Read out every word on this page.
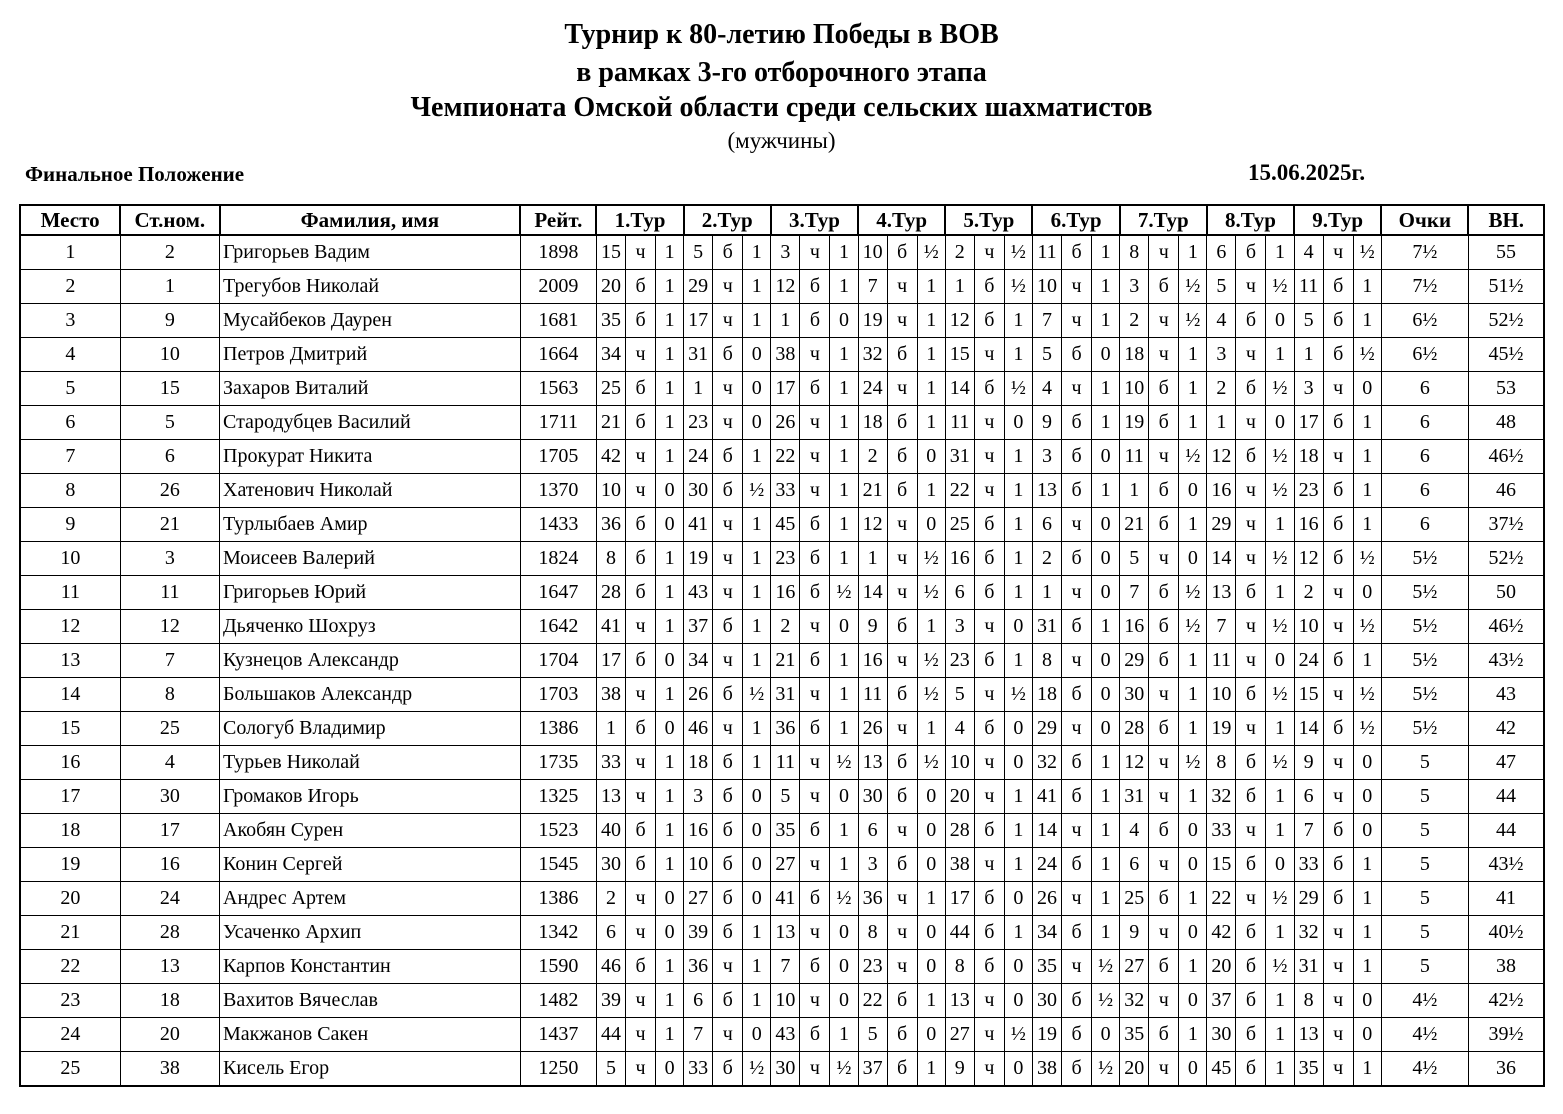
Турнир к 80-летию Победы в ВОВ
в рамках 3-го отборочного этапа
Чемпионата Омской области среди сельских шахматистов
(мужчины)
Финальное Положение	15.06.2025г.
Место	Ст.ном.	Фамилия, имя	Рейт.	1.Тур			2.Тур			3.Тур			4.Тур			5.Тур			6.Тур			7.Тур			8.Тур			9.Тур			Очки	ВН.
1	2	Григорьев Вадим	1898	15	ч	1	5	б	1	3	ч	1	10	б	½	2	ч	½	11	б	1	8	ч	1	6	б	1	4	ч	½	7½	55
2	1	Трегубов Николай	2009	20	б	1	29	ч	1	12	б	1	7	ч	1	1	б	½	10	ч	1	3	б	½	5	ч	½	11	б	1	7½	51½
3	9	Мусайбеков Даурен	1681	35	б	1	17	ч	1	1	б	0	19	ч	1	12	б	1	7	ч	1	2	ч	½	4	б	0	5	б	1	6½	52½
4	10	Петров Дмитрий	1664	34	ч	1	31	б	0	38	ч	1	32	б	1	15	ч	1	5	б	0	18	ч	1	3	ч	1	1	б	½	6½	45½
5	15	Захаров Виталий	1563	25	б	1	1	ч	0	17	б	1	24	ч	1	14	б	½	4	ч	1	10	б	1	2	б	½	3	ч	0	6	53
6	5	Стародубцев Василий	1711	21	б	1	23	ч	0	26	ч	1	18	б	1	11	ч	0	9	б	1	19	б	1	1	ч	0	17	б	1	6	48
7	6	Прокурат Никита	1705	42	ч	1	24	б	1	22	ч	1	2	б	0	31	ч	1	3	б	0	11	ч	½	12	б	½	18	ч	1	6	46½
8	26	Хатенович Николай	1370	10	ч	0	30	б	½	33	ч	1	21	б	1	22	ч	1	13	б	1	1	б	0	16	ч	½	23	б	1	6	46
9	21	Турлыбаев Амир	1433	36	б	0	41	ч	1	45	б	1	12	ч	0	25	б	1	6	ч	0	21	б	1	29	ч	1	16	б	1	6	37½
10	3	Моисеев Валерий	1824	8	б	1	19	ч	1	23	б	1	1	ч	½	16	б	1	2	б	0	5	ч	0	14	ч	½	12	б	½	5½	52½
11	11	Григорьев Юрий	1647	28	б	1	43	ч	1	16	б	½	14	ч	½	6	б	1	1	ч	0	7	б	½	13	б	1	2	ч	0	5½	50
12	12	Дьяченко Шохруз	1642	41	ч	1	37	б	1	2	ч	0	9	б	1	3	ч	0	31	б	1	16	б	½	7	ч	½	10	ч	½	5½	46½
13	7	Кузнецов Александр	1704	17	б	0	34	ч	1	21	б	1	16	ч	½	23	б	1	8	ч	0	29	б	1	11	ч	0	24	б	1	5½	43½
14	8	Большаков Александр	1703	38	ч	1	26	б	½	31	ч	1	11	б	½	5	ч	½	18	б	0	30	ч	1	10	б	½	15	ч	½	5½	43
15	25	Сологуб Владимир	1386	1	б	0	46	ч	1	36	б	1	26	ч	1	4	б	0	29	ч	0	28	б	1	19	ч	1	14	б	½	5½	42
16	4	Турьев Николай	1735	33	ч	1	18	б	1	11	ч	½	13	б	½	10	ч	0	32	б	1	12	ч	½	8	б	½	9	ч	0	5	47
17	30	Громаков Игорь	1325	13	ч	1	3	б	0	5	ч	0	30	б	0	20	ч	1	41	б	1	31	ч	1	32	б	1	6	ч	0	5	44
18	17	Акобян Сурен	1523	40	б	1	16	б	0	35	б	1	6	ч	0	28	б	1	14	ч	1	4	б	0	33	ч	1	7	б	0	5	44
19	16	Конин Сергей	1545	30	б	1	10	б	0	27	ч	1	3	б	0	38	ч	1	24	б	1	6	ч	0	15	б	0	33	б	1	5	43½
20	24	Андрес Артем	1386	2	ч	0	27	б	0	41	б	½	36	ч	1	17	б	0	26	ч	1	25	б	1	22	ч	½	29	б	1	5	41
21	28	Усаченко Архип	1342	6	ч	0	39	б	1	13	ч	0	8	ч	0	44	б	1	34	б	1	9	ч	0	42	б	1	32	ч	1	5	40½
22	13	Карпов Константин	1590	46	б	1	36	ч	1	7	б	0	23	ч	0	8	б	0	35	ч	½	27	б	1	20	б	½	31	ч	1	5	38
23	18	Вахитов Вячеслав	1482	39	ч	1	6	б	1	10	ч	0	22	б	1	13	ч	0	30	б	½	32	ч	0	37	б	1	8	ч	0	4½	42½
24	20	Макжанов Сакен	1437	44	ч	1	7	ч	0	43	б	1	5	б	0	27	ч	½	19	б	0	35	б	1	30	б	1	13	ч	0	4½	39½
25	38	Кисель Егор	1250	5	ч	0	33	б	½	30	ч	½	37	б	1	9	ч	0	38	б	½	20	ч	0	45	б	1	35	ч	1	4½	36
